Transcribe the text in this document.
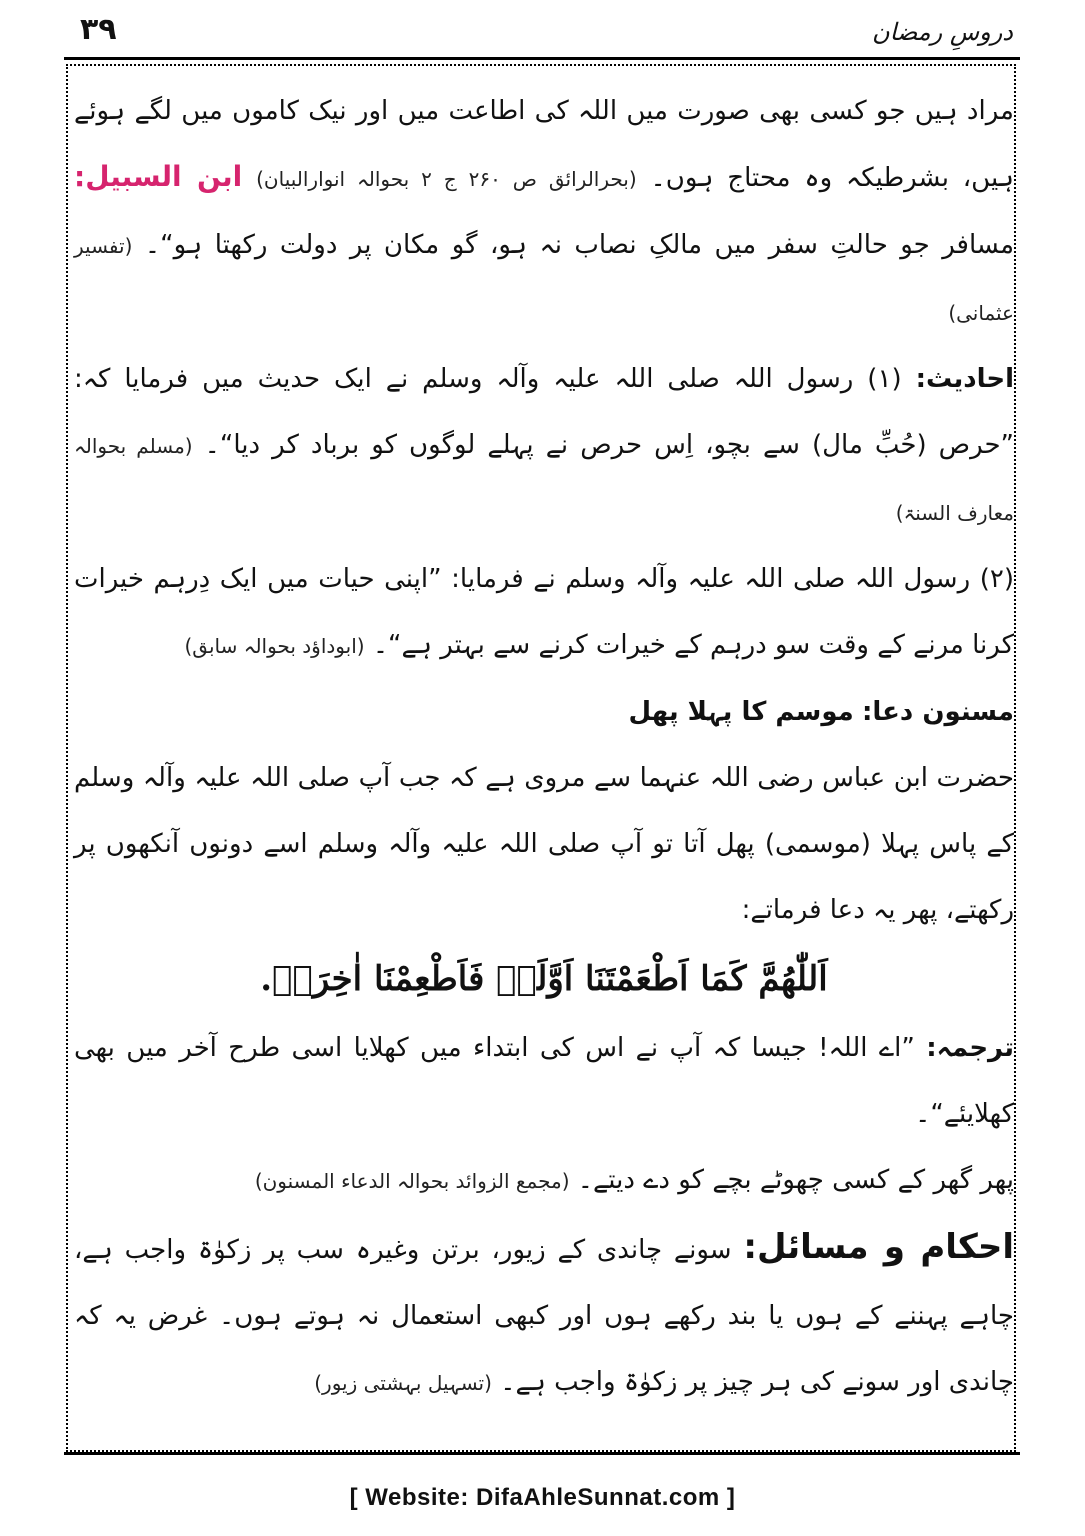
۳۹	دروسِ رمضان

مراد ہیں جو کسی بھی صورت میں اللہ کی اطاعت میں اور نیک کاموں میں لگے ہوئے ہیں، بشرطیکہ وہ محتاج ہوں۔ (بحرالرائق ص ۲۶۰ ج ۲ بحوالہ انوارالبیان) ابن السبیل: مسافر جو حالتِ سفر میں مالکِ نصاب نہ ہو، گو مکان پر دولت رکھتا ہو“۔ (تفسیر عثمانی)

احادیث: (۱) رسول اللہ صلی اللہ علیہ وآلہ وسلم نے ایک حدیث میں فرمایا کہ: ”حرص (حُبِّ مال) سے بچو، اِس حرص نے پہلے لوگوں کو برباد کر دیا“۔ (مسلم بحوالہ معارف السنۃ)

(۲) رسول اللہ صلی اللہ علیہ وآلہ وسلم نے فرمایا: ”اپنی حیات میں ایک دِرہم خیرات کرنا مرنے کے وقت سو درہم کے خیرات کرنے سے بہتر ہے“۔ (ابوداؤد بحوالہ سابق)

مسنون دعا: موسم کا پہلا پھل

حضرت ابن عباس رضی اللہ عنہما سے مروی ہے کہ جب آپ صلی اللہ علیہ وآلہ وسلم کے پاس پہلا (موسمی) پھل آتا تو آپ صلی اللہ علیہ وآلہ وسلم اسے دونوں آنکھوں پر رکھتے، پھر یہ دعا فرماتے:

اَللّٰھُمَّ کَمَا اَطْعَمْتَنَا اَوَّلَہٗ فَاَطْعِمْنَا اٰخِرَہٗ.

ترجمہ: ”اے اللہ! جیسا کہ آپ نے اس کی ابتداء میں کھلایا اسی طرح آخر میں بھی کھلایئے“۔

پھر گھر کے کسی چھوٹے بچے کو دے دیتے۔ (مجمع الزوائد بحوالہ الدعاء المسنون)

احکام و مسائل: سونے چاندی کے زیور، برتن وغیرہ سب پر زکوٰۃ واجب ہے، چاہے پہننے کے ہوں یا بند رکھے ہوں اور کبھی استعمال نہ ہوتے ہوں۔ غرض یہ کہ چاندی اور سونے کی ہر چیز پر زکوٰۃ واجب ہے۔ (تسہیل بہشتی زیور)

[ Website: DifaAhleSunnat.com ]
